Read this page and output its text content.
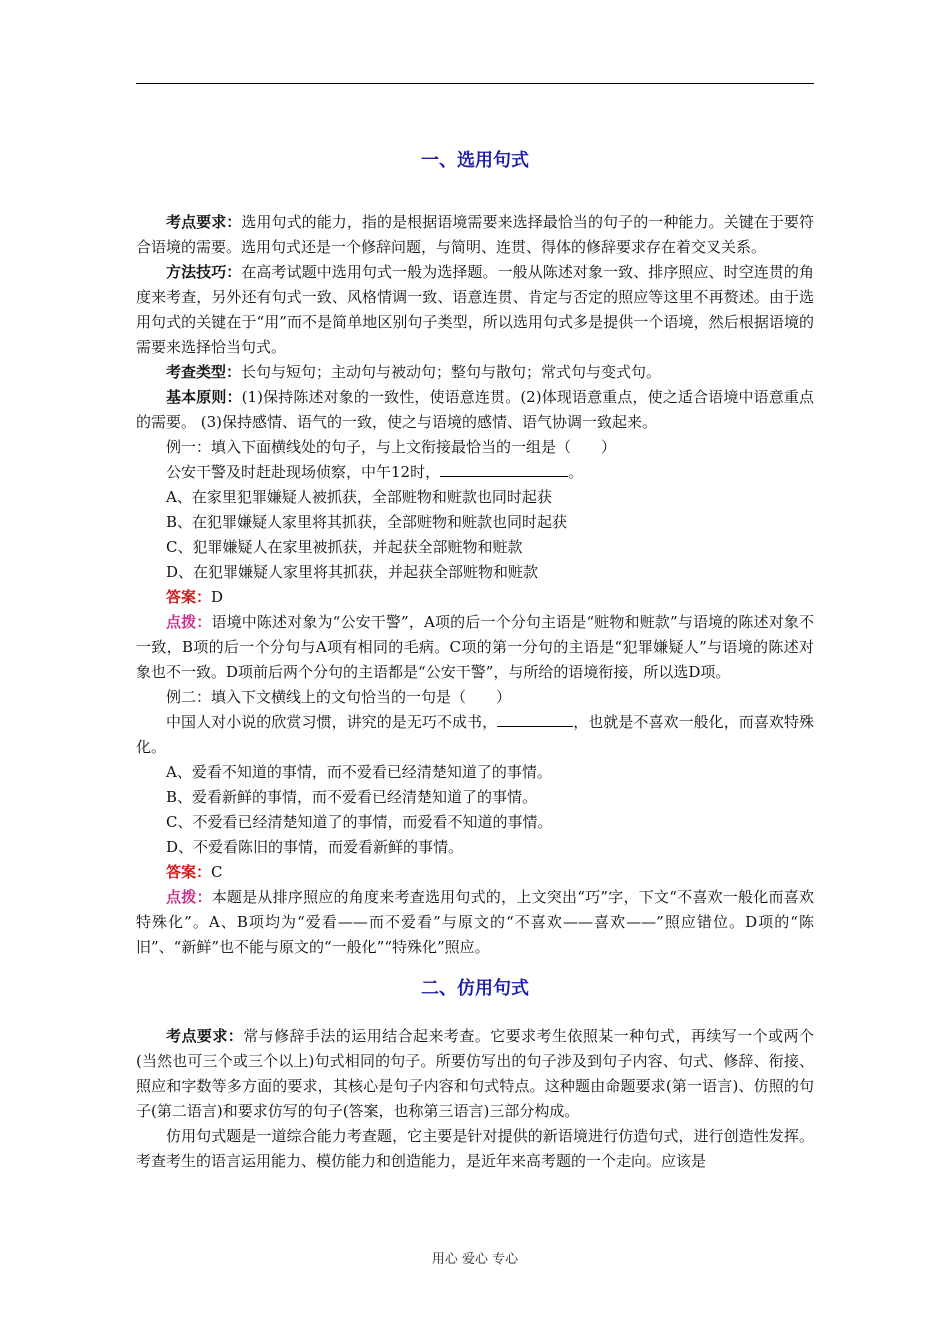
一、选用句式

考点要求：选用句式的能力，指的是根据语境需要来选择最恰当的句子的一种能力。关键在于要符合语境的需要。选用句式还是一个修辞问题，与简明、连贯、得体的修辞要求存在着交叉关系。

方法技巧：在高考试题中选用句式一般为选择题。一般从陈述对象一致、排序照应、时空连贯的角度来考查，另外还有句式一致、风格情调一致、语意连贯、肯定与否定的照应等这里不再赘述。由于选用句式的关键在于“用”而不是简单地区别句子类型，所以选用句式多是提供一个语境，然后根据语境的需要来选择恰当句式。

考查类型：长句与短句；主动句与被动句；整句与散句；常式句与变式句。

基本原则：(1)保持陈述对象的一致性，使语意连贯。(2)体现语意重点，使之适合语境中语意重点的需要。 (3)保持感情、语气的一致，使之与语境的感情、语气协调一致起来。

例一：填入下面横线处的句子，与上文衔接最恰当的一组是（　　）

公安干警及时赶赴现场侦察，中午12时，	。

A、在家里犯罪嫌疑人被抓获，全部赃物和赃款也同时起获

B、在犯罪嫌疑人家里将其抓获，全部赃物和赃款也同时起获

C、犯罪嫌疑人在家里被抓获，并起获全部赃物和赃款

D、在犯罪嫌疑人家里将其抓获，并起获全部赃物和赃款

答案：D

点拨：语境中陈述对象为“公安干警”，A项的后一个分句主语是“赃物和赃款”与语境的陈述对象不一致，B项的后一个分句与A项有相同的毛病。C项的第一分句的主语是“犯罪嫌疑人”与语境的陈述对象也不一致。D项前后两个分句的主语都是“公安干警”，与所给的语境衔接，所以选D项。

例二：填入下文横线上的文句恰当的一句是（　　）

中国人对小说的欣赏习惯，讲究的是无巧不成书，	，也就是不喜欢一般化，而喜欢特殊化。

A、爱看不知道的事情，而不爱看已经清楚知道了的事情。

B、爱看新鲜的事情，而不爱看已经清楚知道了的事情。

C、不爱看已经清楚知道了的事情，而爱看不知道的事情。

D、不爱看陈旧的事情，而爱看新鲜的事情。

答案：C

点拨：本题是从排序照应的角度来考查选用句式的，上文突出“巧”字，下文“不喜欢一般化而喜欢特殊化”。A、B项均为“爱看——而不爱看”与原文的“不喜欢——喜欢——”照应错位。D项的“陈旧”、“新鲜”也不能与原文的“一般化”“特殊化”照应。

二、仿用句式

考点要求：常与修辞手法的运用结合起来考查。它要求考生依照某一种句式，再续写一个或两个(当然也可三个或三个以上)句式相同的句子。所要仿写出的句子涉及到句子内容、句式、修辞、衔接、照应和字数等多方面的要求，其核心是句子内容和句式特点。这种题由命题要求(第一语言)、仿照的句子(第二语言)和要求仿写的句子(答案，也称第三语言)三部分构成。

仿用句式题是一道综合能力考查题，它主要是针对提供的新语境进行仿造句式，进行创造性发挥。考查考生的语言运用能力、模仿能力和创造能力，是近年来高考题的一个走向。应该是

用心 爱心 专心
